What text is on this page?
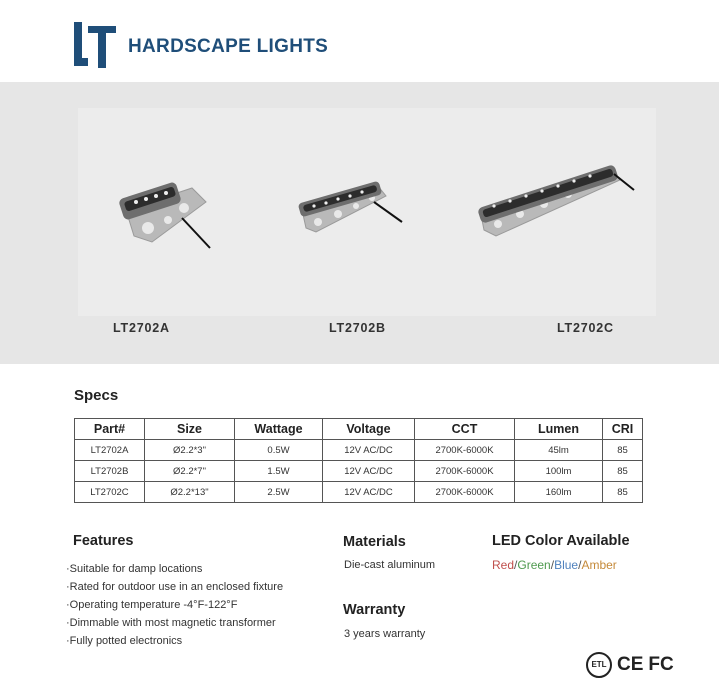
HARDSCAPE LIGHTS
LT2702A	LT2702B	LT2702C
Specs
Part#	Size	Wattage	Voltage	CCT	Lumen	CRI
LT2702A	Ø2.2*3"	0.5W	12V AC/DC	2700K-6000K	45lm	85
LT2702B	Ø2.2*7"	1.5W	12V AC/DC	2700K-6000K	100lm	85
LT2702C	Ø2.2*13"	2.5W	12V AC/DC	2700K-6000K	160lm	85
Features
·Suitable for damp locations
·Rated for outdoor use in an enclosed fixture
·Operating temperature -4°F-122°F
·Dimmable with most magnetic transformer
·Fully potted electronics
Materials
Die-cast aluminum
Warranty
3 years warranty
LED Color Available
Red/Green/Blue/Amber
ETL CE FC
